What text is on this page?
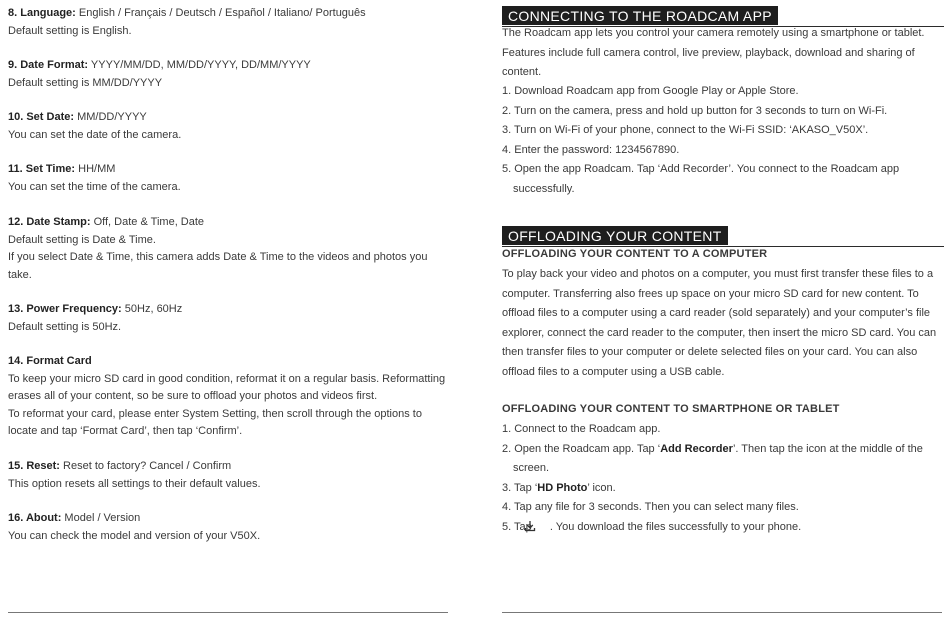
8. Language: English / Français / Deutsch / Español / Italiano/ Português

Default setting is English.

9. Date Format: YYYY/MM/DD, MM/DD/YYYY, DD/MM/YYYY

Default setting is MM/DD/YYYY

10. Set Date: MM/DD/YYYY

You can set the date of the camera.

11. Set Time: HH/MM

You can set the time of the camera.

12. Date Stamp: Off, Date & Time, Date

Default setting is Date & Time.

If you select Date & Time, this camera adds Date & Time to the videos and photos you

take.

13. Power Frequency: 50Hz, 60Hz

Default setting is 50Hz.

14. Format Card

To keep your micro SD card in good condition, reformat it on a regular basis. Reformatting

erases all of your content, so be sure to offload your photos and videos first.

To reformat your card, please enter System Setting, then scroll through the options to

locate and tap ‘Format Card’, then tap ‘Confirm’.

15. Reset: Reset to factory? Cancel / Confirm

This option resets all settings to their default values.

16. About: Model / Version

You can check the model and version of your V50X.

CONNECTING TO THE ROADCAM APP
The Roadcam app lets you control your camera remotely using a smartphone or tablet.
Features include full camera control, live preview, playback, download and sharing of
content.
1. Download Roadcam app from Google Play or Apple Store.
2. Turn on the camera, press and hold up button for 3 seconds to turn on Wi-Fi.
3. Turn on Wi-Fi of your phone, connect to the Wi-Fi SSID: ‘AKASO_V50X’.
4. Enter the password: 1234567890.
5. Open the app Roadcam. Tap ‘Add Recorder’. You connect to the Roadcam app successfully.
OFFLOADING YOUR CONTENT
OFFLOADING YOUR CONTENT TO A COMPUTER

To play back your video and photos on a computer, you must first transfer these files to a computer. Transferring also frees up space on your micro SD card for new content. To offload files to a computer using a card reader (sold separately) and your computer’s file explorer, connect the card reader to the computer, then insert the micro SD card. You can then transfer files to your computer or delete selected files on your card. You can also offload files to a computer using a USB cable.

OFFLOADING YOUR CONTENT TO SMARTPHONE OR TABLET
1. Connect to the Roadcam app.
2. Open the Roadcam app. Tap ‘Add Recorder’. Then tap the icon at the middle of the screen.
3. Tap ‘HD Photo’ icon.
4. Tap any file for 3 seconds. Then you can select many files.
5. Tap  . You download the files successfully to your phone.
